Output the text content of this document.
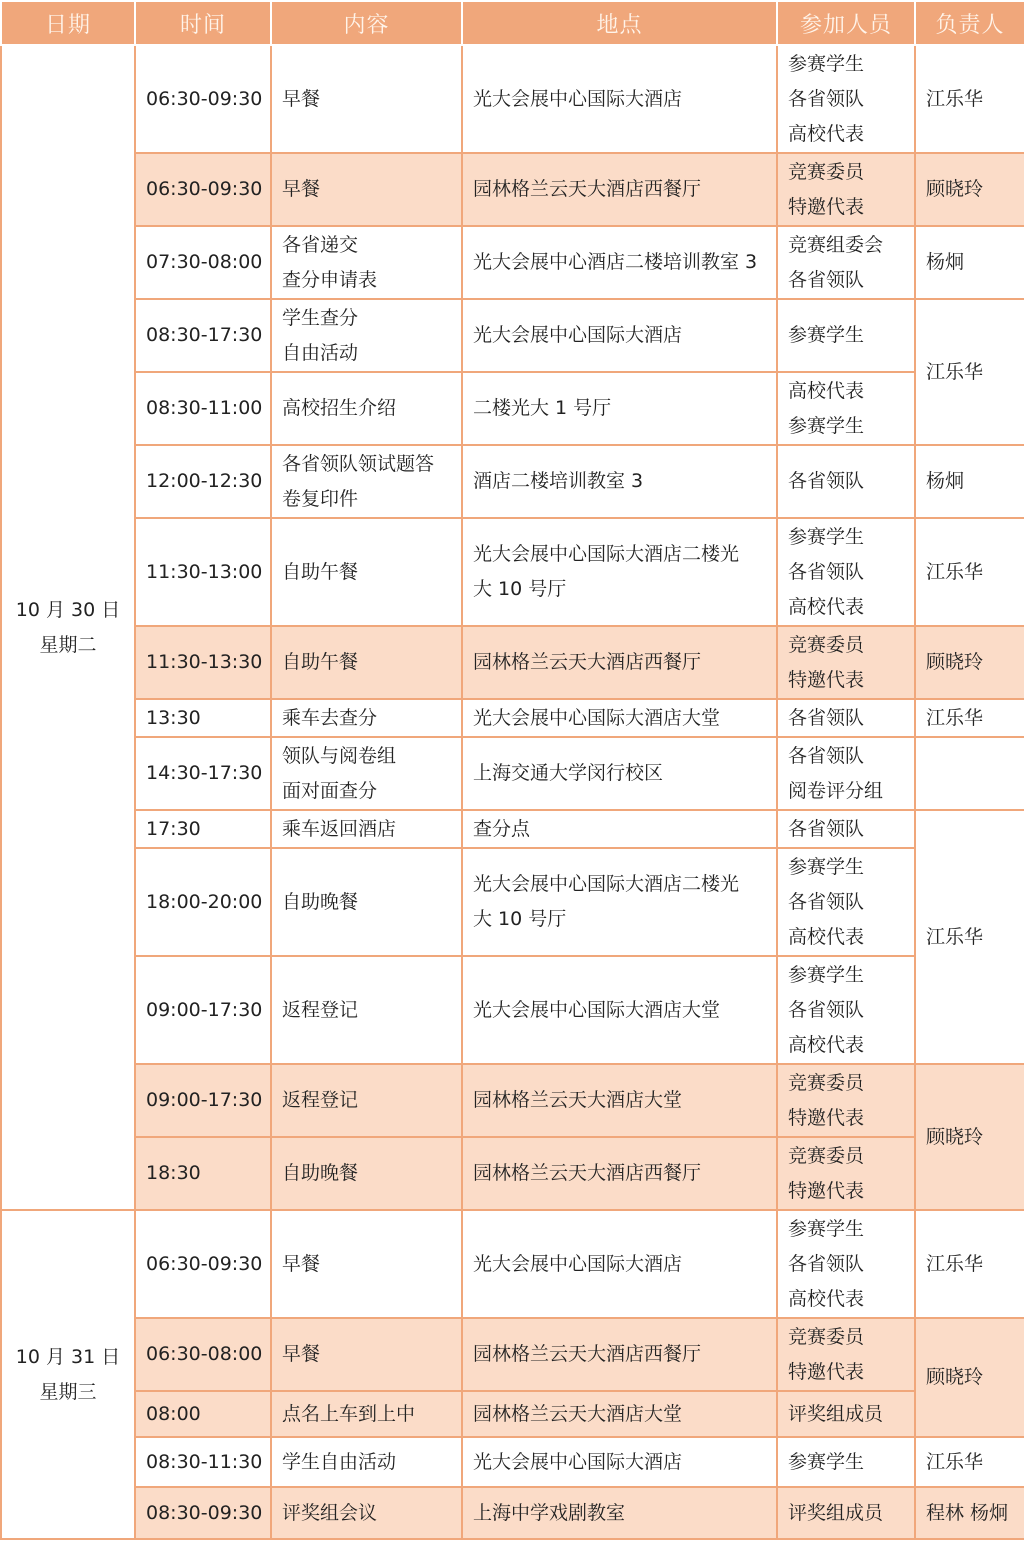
日期	时间	内容	地点	参加人员	负责人

10 月 30 日
星期二	06:30-09:30	早餐	光大会展中心国际大酒店	参赛学生
各省领队
高校代表	江乐华
	06:30-09:30	早餐	园林格兰云天大酒店西餐厅	竞赛委员
特邀代表	顾晓玲
	07:30-08:00	各省递交
查分申请表	光大会展中心酒店二楼培训教室 3	竞赛组委会
各省领队	杨炯
	08:30-17:30	学生查分
自由活动	光大会展中心国际大酒店	参赛学生	江乐华
	08:30-11:00	高校招生介绍	二楼光大 1 号厅	高校代表
参赛学生	

	12:00-12:30	各省领队领试题答
卷复印件	酒店二楼培训教室 3	各省领队	杨炯
	11:30-13:00	自助午餐	光大会展中心国际大酒店二楼光
大 10 号厅	参赛学生
各省领队
高校代表	江乐华
	11:30-13:30	自助午餐	园林格兰云天大酒店西餐厅	竞赛委员
特邀代表	顾晓玲
	13:30	乘车去查分	光大会展中心国际大酒店大堂	各省领队	江乐华
	14:30-17:30	领队与阅卷组
面对面查分	上海交通大学闵行校区	各省领队
阅卷评分组	

	17:30	乘车返回酒店	查分点	各省领队	江乐华
	18:00-20:00	自助晚餐	光大会展中心国际大酒店二楼光
大 10 号厅	参赛学生
各省领队
高校代表	

	09:00-17:30	返程登记	光大会展中心国际大酒店大堂	参赛学生
各省领队
高校代表	

	09:00-17:30	返程登记	园林格兰云天大酒店大堂	竞赛委员
特邀代表	顾晓玲
	18:30	自助晚餐	园林格兰云天大酒店西餐厅	竞赛委员
特邀代表	

10 月 31 日
星期三	06:30-09:30	早餐	光大会展中心国际大酒店	参赛学生
各省领队
高校代表	江乐华
	06:30-08:00	早餐	园林格兰云天大酒店西餐厅	竞赛委员
特邀代表	顾晓玲
	08:00	点名上车到上中	园林格兰云天大酒店大堂	评奖组成员	

	08:30-11:30	学生自由活动	光大会展中心国际大酒店	参赛学生	江乐华
	08:30-09:30	评奖组会议	上海中学戏剧教室	评奖组成员	程林 杨炯
